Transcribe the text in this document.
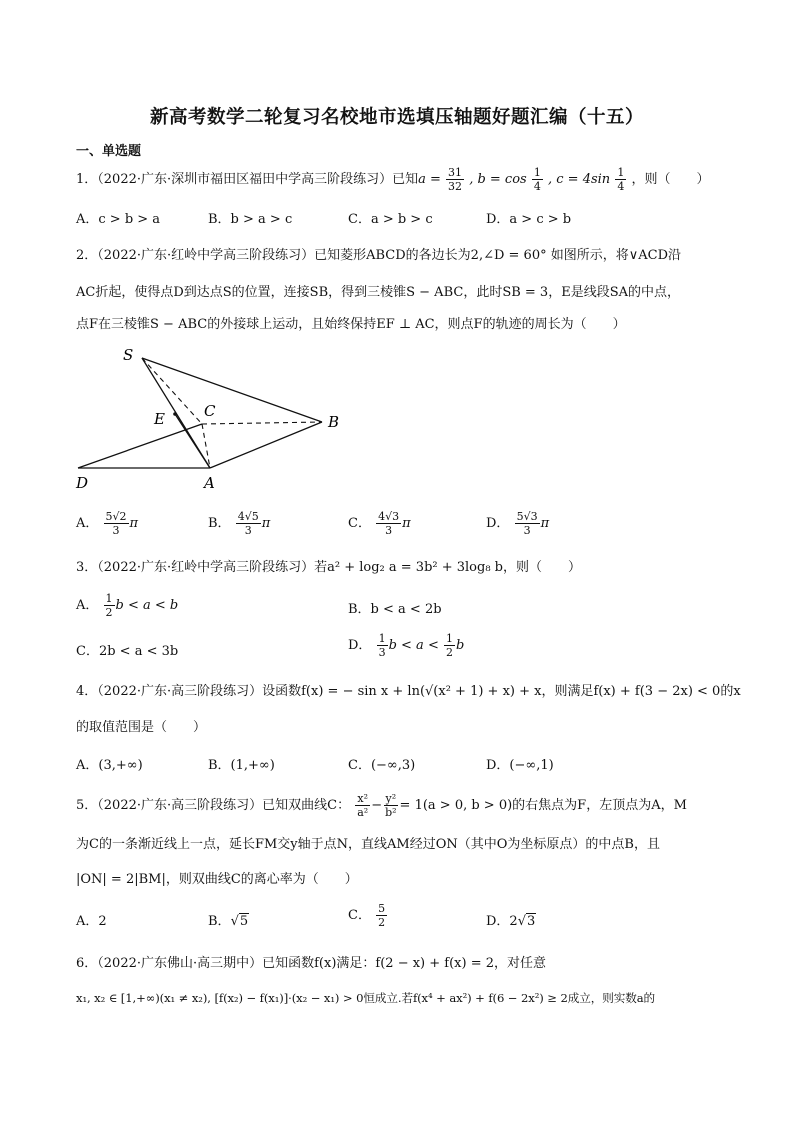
新高考数学二轮复习名校地市选填压轴题好题汇编（十五）
一、单选题
1．（2022·广东·深圳市福田区福田中学高三阶段练习）已知$a = \frac{31}{32}$ , $b = \cos \frac{1}{4}$ , $c = 4\sin \frac{1}{4}$ ，则（　　）
A．c > b > a	B．b > a > c	C．a > b > c	D．a > c > b
2．（2022·广东·红岭中学高三阶段练习）已知菱形ABCD的各边长为2,∠D = 60° 如图所示，将∨ACD沿
AC折起，使得点D到达点S的位置，连接SB，得到三棱锥S − ABC，此时SB = 3，E是线段SA的中点，
点F在三棱锥S − ABC的外接球上运动，且始终保持EF ⊥ AC，则点F的轨迹的周长为（　　）
S
C
E	B
D	A
A． $\frac{5√2}{3}$ π	B． $\frac{4√5}{3}$ π	C． $\frac{4√3}{3}$ π	D． $\frac{5√3}{3}$ π
3．（2022·广东·红岭中学高三阶段练习）若a² + log₂ a = 3b² + 3log₈ b，则（　　）
A． $\frac{1}{2}$ b < a < b	B．b < a < 2b
C．2b < a < 3b	D． $\frac{1}{3}$ $b < a < \frac{1}{2}$ b
4．（2022·广东·高三阶段练习）设函数f(x) = − sin x + ln(√(x² + 1) + x) + x，则满足f(x) + f(3 − 2x) < 0的x
的取值范围是（　　）
A．(3,+∞)	B．(1,+∞)	C．(−∞,3)	D．(−∞,1)
5．（2022·广东·高三阶段练习）已知双曲线C： $\frac{\text{x²}}{\text{a²}} - \frac{\text{y²}}{\text{b²}} = 1(a > 0$, b > 0)的右焦点为F，左顶点为A，M
为C的一条渐近线上一点，延长FM交y轴于点N，直线AM经过ON（其中O为坐标原点）的中点B，且
|ON| = 2|BM|，则双曲线C的离心率为（　　）
A．2	B．√5	C． $\frac{5}{2}$	D．2√3
6．（2022·广东佛山·高三期中）已知函数f(x)满足：f(2 − x) + f(x) = 2，对任意
x₁, x₂ ∈ [1,+∞)(x₁ ≠ x₂), [f(x₂) − f(x₁)]·(x₂ − x₁) > 0恒成立.若f(x⁴ + ax²) + f(6 − 2x²) ≥ 2成立，则实数a的
